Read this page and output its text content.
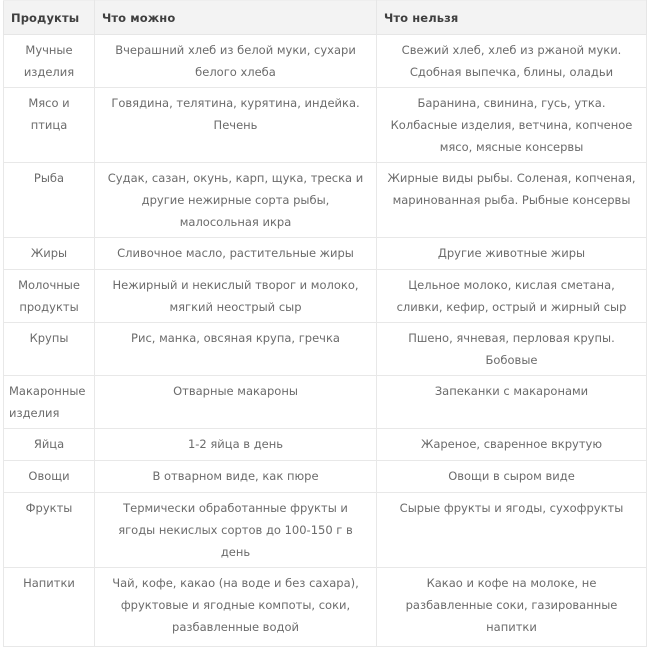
Продукты	Что можно	Что нельзя
Мучные изделия	Вчерашний хлеб из белой муки, сухари белого хлеба	Свежий хлеб, хлеб из ржаной муки. Сдобная выпечка, блины, оладьи
Мясо и птица	Говядина, телятина, курятина, индейка. Печень	Баранина, свинина, гусь, утка. Колбасные изделия, ветчина, копченое мясо, мясные консервы
Рыба	Судак, сазан, окунь, карп, щука, треска и другие нежирные сорта рыбы, малосольная икра	Жирные виды рыбы. Соленая, копченая, маринованная рыба. Рыбные консервы
Жиры	Сливочное масло, растительные жиры	Другие животные жиры
Молочные продукты	Нежирный и некислый творог и молоко, мягкий неострый сыр	Цельное молоко, кислая сметана, сливки, кефир, острый и жирный сыр
Крупы	Рис, манка, овсяная крупа, гречка	Пшено, ячневая, перловая крупы. Бобовые
Макаронные изделия	Отварные макароны	Запеканки с макаронами
Яйца	1-2 яйца в день	Жареное, сваренное вкрутую
Овощи	В отварном виде, как пюре	Овощи в сыром виде
Фрукты	Термически обработанные фрукты и ягоды некислых сортов до 100-150 г в день	Сырые фрукты и ягоды, сухофрукты
Напитки	Чай, кофе, какао (на воде и без сахара), фруктовые и ягодные компоты, соки, разбавленные водой	Какао и кофе на молоке, не разбавленные соки, газированные напитки
